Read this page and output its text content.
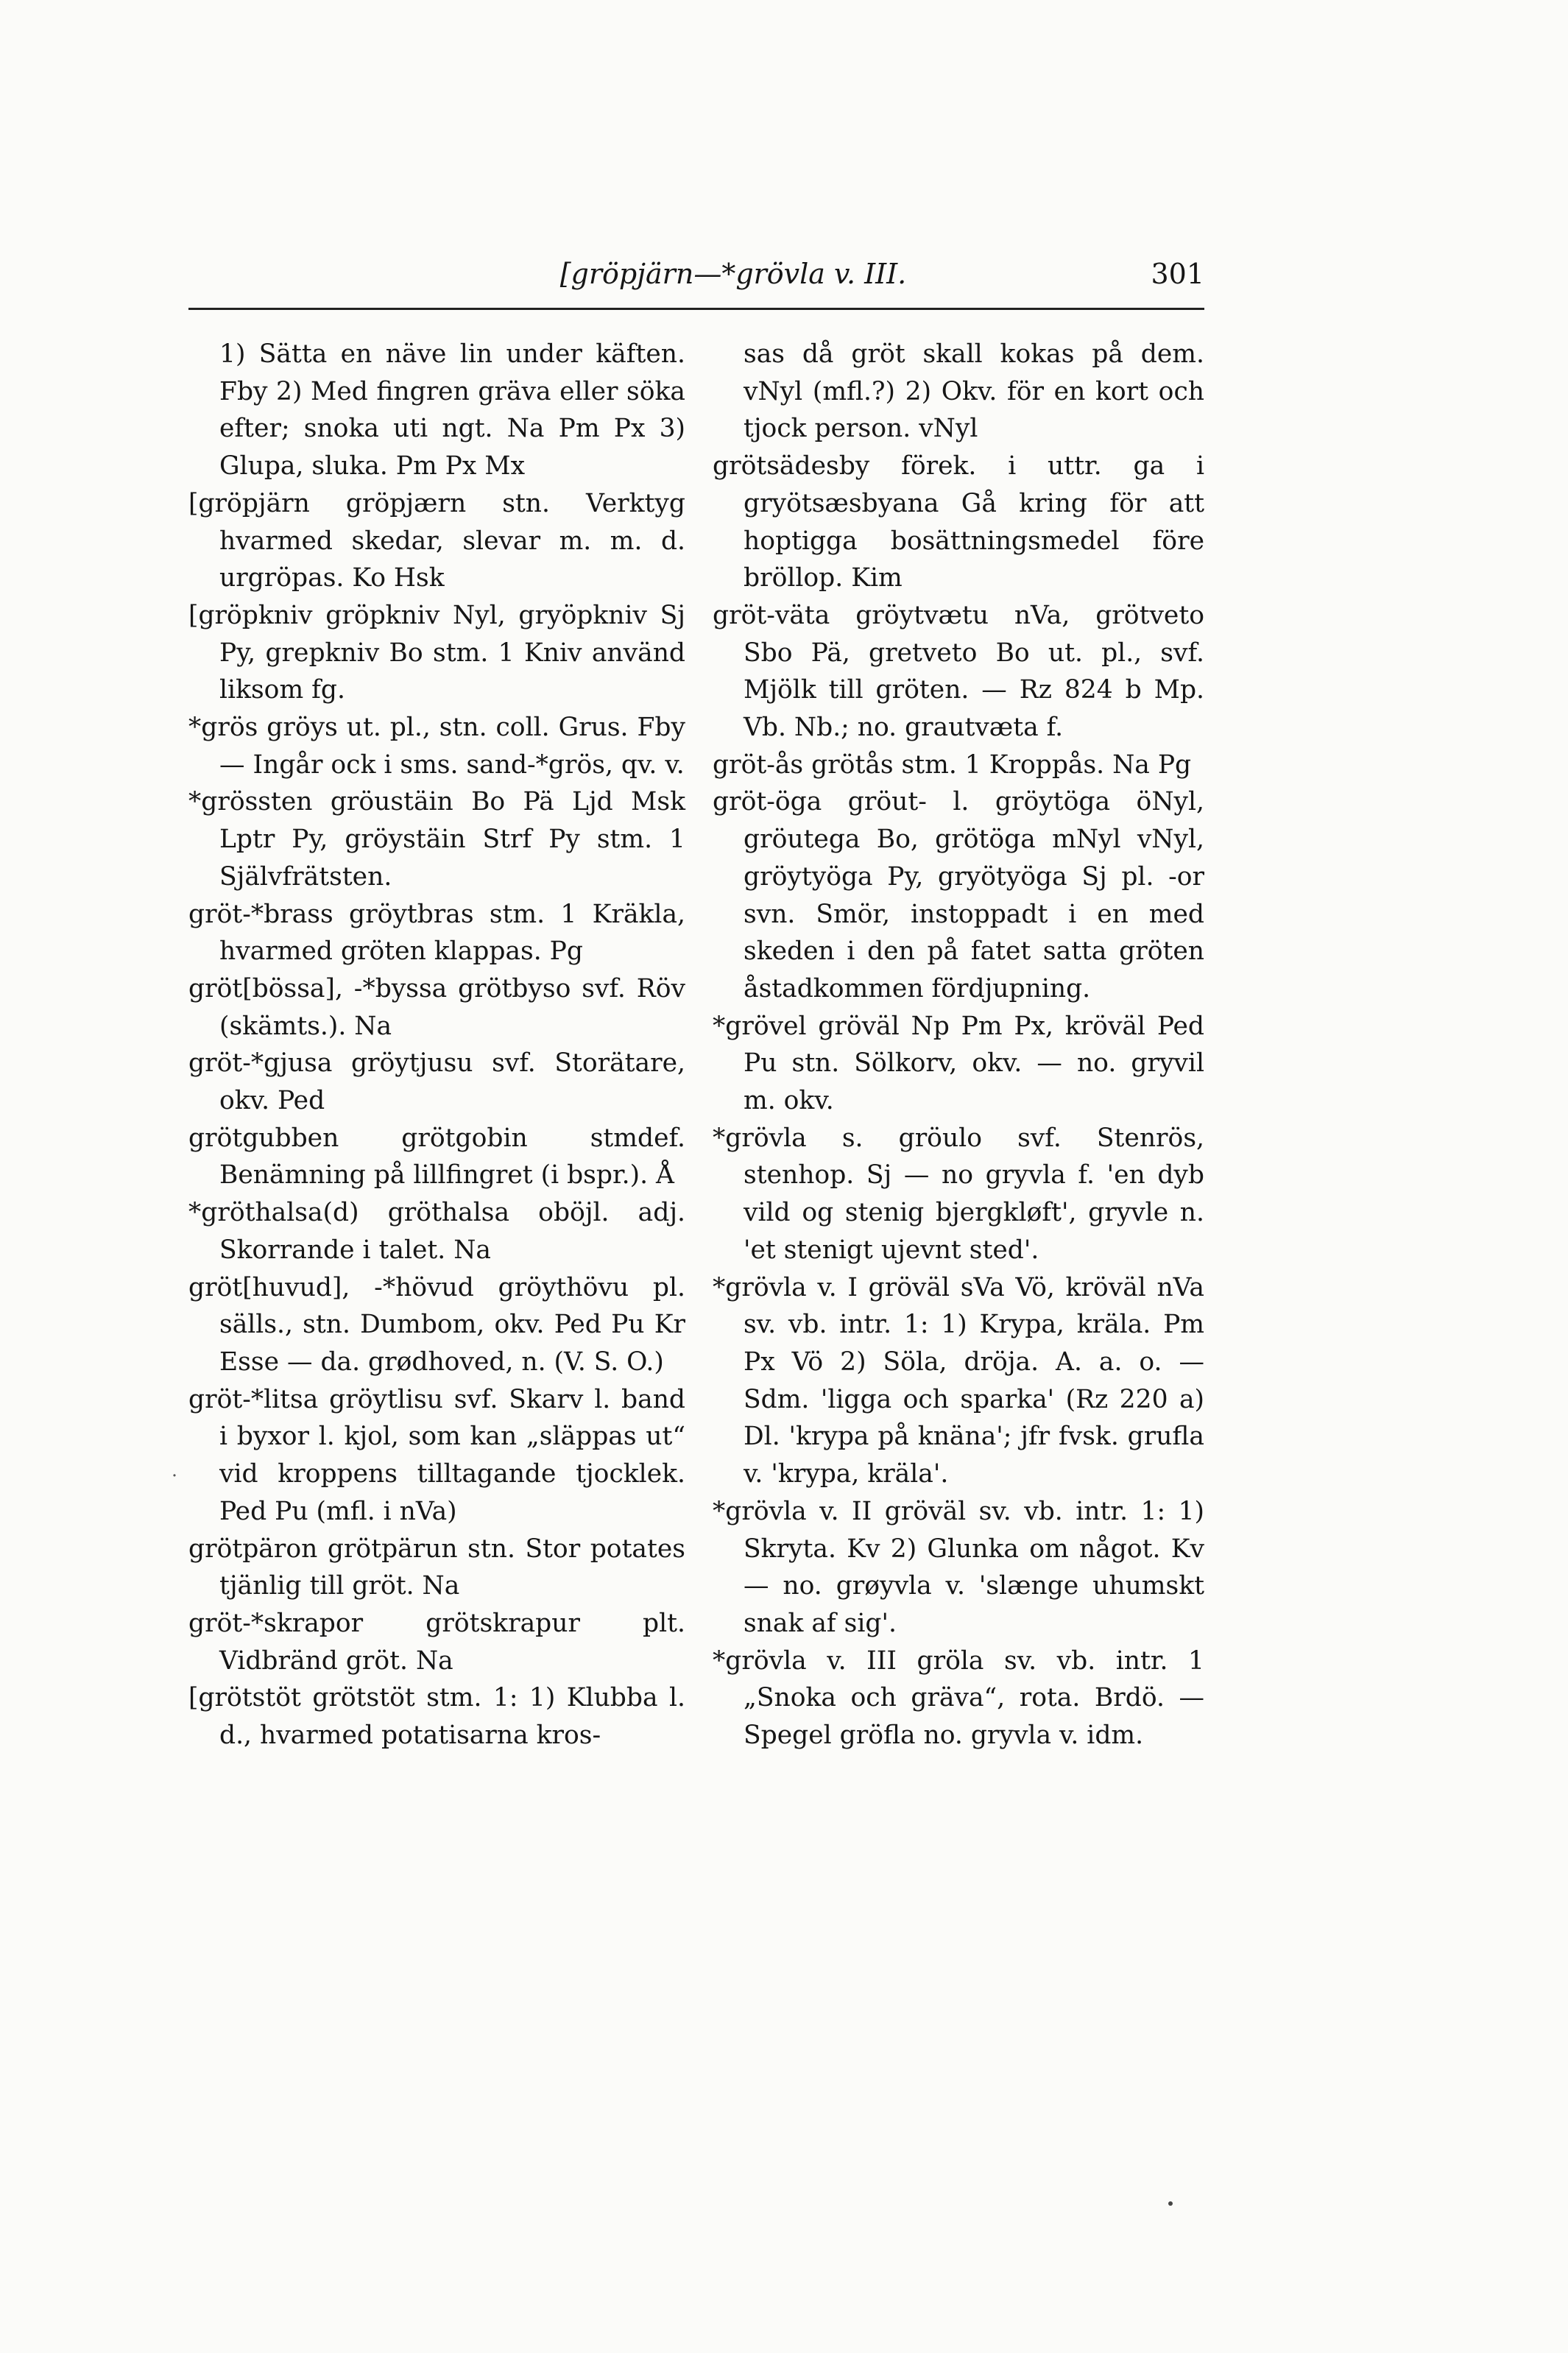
[gröpjärn—*grövla v. III.	301
1) Sätta en näve lin under käften. Fby 2) Med fingren gräva eller söka efter; snoka uti ngt. Na Pm Px 3) Glupa, sluka. Pm Px Mx
[gröpjärn gröpjærn stn. Verktyg hvarmed skedar, slevar m. m. d. urgröpas. Ko Hsk
[gröpkniv gröpkniv Nyl, gryöpkniv Sj Py, grepkniv Bo stm. 1 Kniv använd liksom fg.
*grös gröys ut. pl., stn. coll. Grus. Fby — Ingår ock i sms. sand-*grös, qv. v.
*grössten gröustäin Bo Pä Ljd Msk Lptr Py, gröystäin Strf Py stm. 1 Självfrätsten.
gröt-*brass gröytbras stm. 1 Kräkla, hvarmed gröten klappas. Pg
gröt[bössa], -*byssa grötbyso svf. Röv (skämts.). Na
gröt-*gjusa gröytjusu svf. Storätare, okv. Ped
grötgubben grötgobin stmdef. Benämning på lillfingret (i bspr.). Å
*gröthalsa(d) gröthalsa oböjl. adj. Skorrande i talet. Na
gröt[huvud], -*hövud gröythövu pl. sälls., stn. Dumbom, okv. Ped Pu Kr Esse — da. grødhoved, n. (V. S. O.)
gröt-*litsa gröytlisu svf. Skarv l. band i byxor l. kjol, som kan „släppas ut“ vid kroppens tilltagande tjocklek. Ped Pu (mfl. i nVa)
grötpäron grötpärun stn. Stor potates tjänlig till gröt. Na
gröt-*skrapor grötskrapur plt. Vidbränd gröt. Na
[grötstöt grötstöt stm. 1: 1) Klubba l. d., hvarmed potatisarna kros-
sas då gröt skall kokas på dem. vNyl (mfl.?) 2) Okv. för en kort och tjock person. vNyl
grötsädesby förek. i uttr. ga i gryötsæsbyana Gå kring för att hoptigga bosättningsmedel före bröllop. Kim
gröt-väta gröytvætu nVa, grötveto Sbo Pä, gretveto Bo ut. pl., svf. Mjölk till gröten. — Rz 824 b Mp. Vb. Nb.; no. grautvæta f.
gröt-ås grötås stm. 1 Kroppås. Na Pg
gröt-öga gröut- l. gröytöga öNyl, gröutega Bo, grötöga mNyl vNyl, gröytyöga Py, gryötyöga Sj pl. -or svn. Smör, instoppadt i en med skeden i den på fatet satta gröten åstadkommen fördjupning.
*grövel gröväl Np Pm Px, kröväl Ped Pu stn. Sölkorv, okv. — no. gryvil m. okv.
*grövla s. gröulo svf. Stenrös, stenhop. Sj — no gryvla f. 'en dyb vild og stenig bjergkløft', gryvle n. 'et stenigt ujevnt sted'.
*grövla v. I gröväl sVa Vö, kröväl nVa sv. vb. intr. 1: 1) Krypa, kräla. Pm Px Vö 2) Söla, dröja. A. a. o. — Sdm. 'ligga och sparka' (Rz 220 a) Dl. 'krypa på knäna'; jfr fvsk. grufla v. 'krypa, kräla'.
*grövla v. II gröväl sv. vb. intr. 1: 1) Skryta. Kv 2) Glunka om något. Kv — no. grøyvla v. 'slænge uhumskt snak af sig'.
*grövla v. III gröla sv. vb. intr. 1 „Snoka och gräva“, rota. Brdö. — Spegel gröfla no. gryvla v. idm.
˙
